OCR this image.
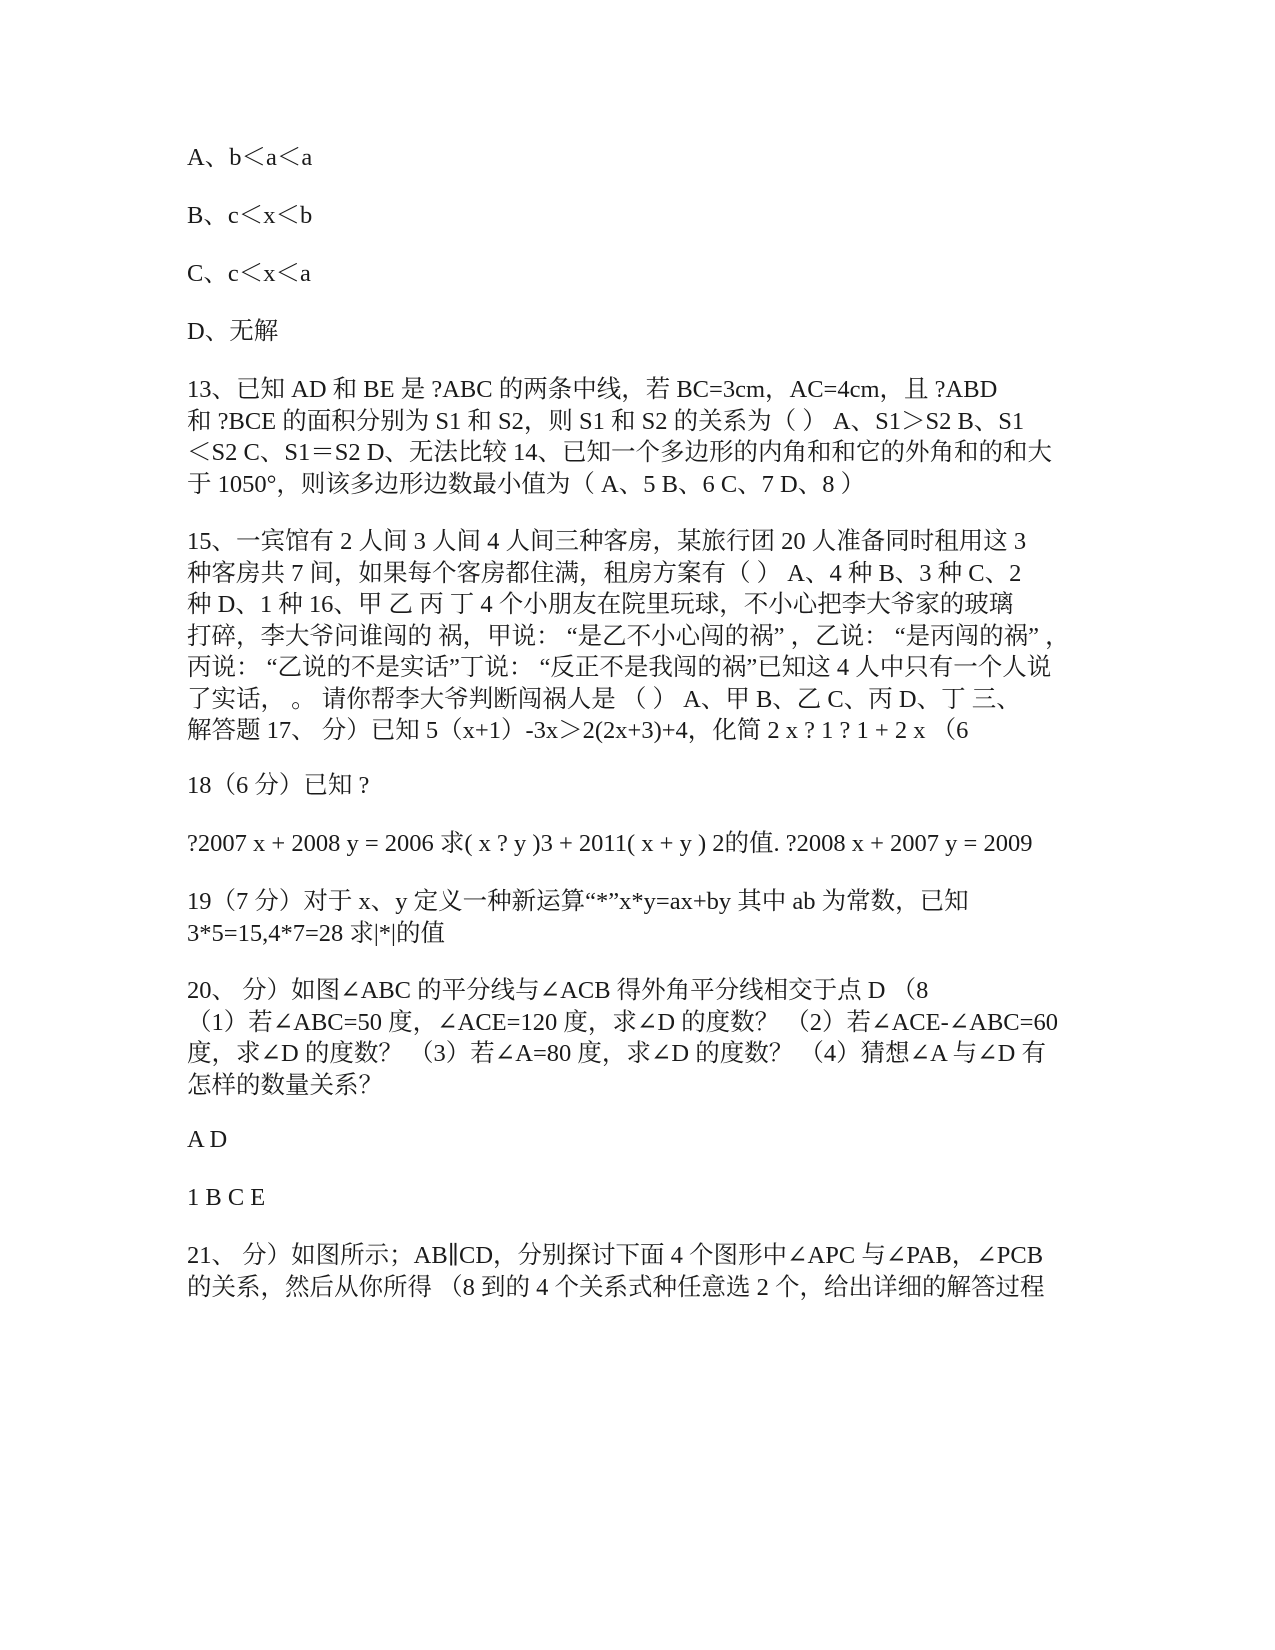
A、b＜a＜a

B、c＜x＜b

C、c＜x＜a

D、无解

13、已知 AD 和 BE 是 ?ABC 的两条中线，若 BC=3cm，AC=4cm，且 ?ABD
和 ?BCE 的面积分别为 S1 和 S2，则 S1 和 S2 的关系为（ ） A、S1＞S2 B、S1
＜S2 C、S1＝S2 D、无法比较 14、已知一个多边形的内角和和它的外角和的和大
于 1050°，则该多边形边数最小值为（ A、5 B、6 C、7 D、8 ）

15、一宾馆有 2 人间 3 人间 4 人间三种客房，某旅行团 20 人准备同时租用这 3
种客房共 7 间，如果每个客房都住满，租房方案有（ ） A、4 种 B、3 种 C、2
种 D、1 种 16、甲 乙 丙 丁 4 个小朋友在院里玩球，不小心把李大爷家的玻璃
打碎，李大爷问谁闯的 祸，甲说： “是乙不小心闯的祸” ，乙说： “是丙闯的祸” ，
丙说： “乙说的不是实话”丁说： “反正不是我闯的祸”已知这 4 人中只有一个人说
了实话， 。 请你帮李大爷判断闯祸人是 （ ） A、甲 B、乙 C、丙 D、丁 三、
解答题 17、 分）已知 5（x+1）-3x＞2(2x+3)+4，化简 2 x ? 1 ? 1 + 2 x （6

18（6 分）已知 ?

?2007 x + 2008 y = 2006 求( x ? y )3 + 2011( x + y ) 2的值. ?2008 x + 2007 y = 2009

19（7 分）对于 x、y 定义一种新运算“*”x*y=ax+by 其中 ab 为常数，已知
3*5=15,4*7=28 求|*|的值

20、 分）如图∠ABC 的平分线与∠ACB 得外角平分线相交于点 D （8
（1）若∠ABC=50 度，∠ACE=120 度，求∠D 的度数？ （2）若∠ACE-∠ABC=60
度，求∠D 的度数？ （3）若∠A=80 度，求∠D 的度数？ （4）猜想∠A 与∠D 有
怎样的数量关系？

A D

1 B C E

21、 分）如图所示；AB∥CD，分别探讨下面 4 个图形中∠APC 与∠PAB，∠PCB
的关系，然后从你所得 （8 到的 4 个关系式种任意选 2 个，给出详细的解答过程
